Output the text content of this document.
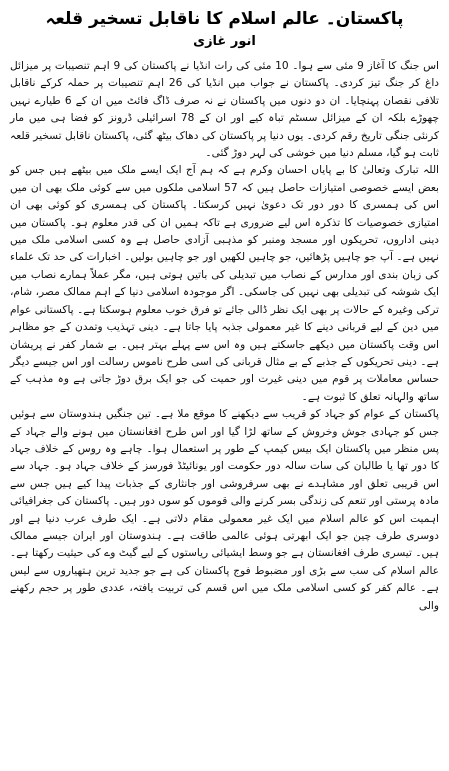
پاکستان۔ عالم اسلام کا ناقابل تسخیر قلعہ
انور غازی

اس جنگ کا آغاز 9 مئی سے ہوا۔ 10 مئی کی رات انڈیا نے پاکستان کی 9 اہم تنصیبات پر میزائل داغ کر جنگ تیز کردی۔ پاکستان نے جواب میں انڈیا کی 26 اہم تنصیبات پر حملہ کرکے ناقابل تلافی نقصان پہنچایا۔ ان دو دنوں میں پاکستان نے نہ صرف ڈاگ فائٹ میں ان کے 6 طیارے نہیں چھوڑے بلکہ ان کے میزائل سسٹم تباہ کیے اور ان کے 78 اسرائیلی ڈرونز کو فضا ہی میں مار کرنئی جنگی تاریخ رقم کردی۔ یوں دنیا پر پاکستان کی دھاک بیٹھ گئی، پاکستان ناقابل تسخیر قلعہ ثابت ہو گیا، مسلم دنیا میں خوشی کی لہر دوڑ گئی۔

اللہ تبارک وتعالیٰ کا بے پایاں احسان وکرم ہے کہ ہم آج ایک ایسے ملک میں بیٹھے ہیں جس کو بعض ایسے خصوصی امتیازات حاصل ہیں کہ 57 اسلامی ملکوں میں سے کوئی ملک بھی ان میں اس کی ہمسری کا دور دور تک دعویٰ نہیں کرسکتا۔ پاکستان کی ہمسری کو کوئی بھی ان امتیازی خصوصیات کا تذکرہ اس لیے ضروری ہے تاکہ ہمیں ان کی قدر معلوم ہو۔ پاکستان میں دینی اداروں، تحریکوں اور مسجد ومنبر کو مذہبی آزادی حاصل ہے وہ کسی اسلامی ملک میں نہیں ہے۔ آپ جو چاہیں پڑھائیں، جو چاہیں لکھیں اور جو چاہیں بولیں۔ اخبارات کی حد تک علماء کی زبان بندی اور مدارس کے نصاب میں تبدیلی کی باتیں ہوتی ہیں، مگر عملاً ہمارے نصاب میں ایک شوشہ کی تبدیلی بھی نہیں کی جاسکی۔ اگر موجودہ اسلامی دنیا کے اہم ممالک مصر، شام، ترکی وغیرہ کے حالات پر بھی ایک نظر ڈالی جائے تو فرق خوب معلوم ہوسکتا ہے۔ پاکستانی عوام میں دین کے لیے قربانی دینے کا غیر معمولی جذبہ پایا جاتا ہے۔ دینی تہذیب وتمدن کے جو مظاہر اس وقت پاکستان میں دیکھے جاسکتے ہیں وہ اس سے پہلے بہتر ہیں۔ بے شمار کفر نے پریشان ہے۔ دینی تحریکوں کے جذبے کے بے مثال قربانی کی اسی طرح ناموس رسالت اور اس جیسے دیگر حساس معاملات پر قوم میں دینی غیرت اور حمیت کی جو ایک برق دوڑ جاتی ہے وہ مذہب کے ساتھ والہانہ تعلق کا ثبوت ہے۔

پاکستان کے عوام کو جہاد کو قریب سے دیکھنے کا موقع ملا ہے۔ تین جنگیں ہندوستان سے ہوئیں جس کو جہادی جوش وخروش کے ساتھ لڑا گیا اور اس طرح افغانستان میں ہونے والے جہاد کے پس منظر میں پاکستان ایک بیس کیمپ کے طور پر استعمال ہوا۔ چاہے وہ روس کے خلاف جہاد کا دور تھا یا طالبان کی سات سالہ دور حکومت اور یونائیٹڈ فورسز کے خلاف جہاد ہو۔ جہاد سے اس قریبی تعلق اور مشاہدے نے بھی سرفروشی اور جانثاری کے جذبات پیدا کیے ہیں جس سے مادہ پرستی اور تنعم کی زندگی بسر کرنے والی قوموں کو سوں دور ہیں۔ پاکستان کی جغرافیائی اہمیت اس کو عالم اسلام میں ایک غیر معمولی مقام دلاتی ہے۔ ایک طرف عرب دنیا ہے اور دوسری طرف چین جو ایک ابھرتی ہوئی عالمی طاقت ہے۔ ہندوستان اور ایران جیسے ممالک ہیں۔ تیسری طرف افغانستان ہے جو وسط ایشیائی ریاستوں کے لیے گیٹ وے کی حیثیت رکھتا ہے۔ عالم اسلام کی سب سے بڑی اور مضبوط فوج پاکستان کی ہے جو جدید ترین ہتھیاروں سے لیس ہے۔ عالم کفر کو کسی اسلامی ملک میں اس قسم کی تربیت یافتہ، عددی طور پر حجم رکھنے والی
